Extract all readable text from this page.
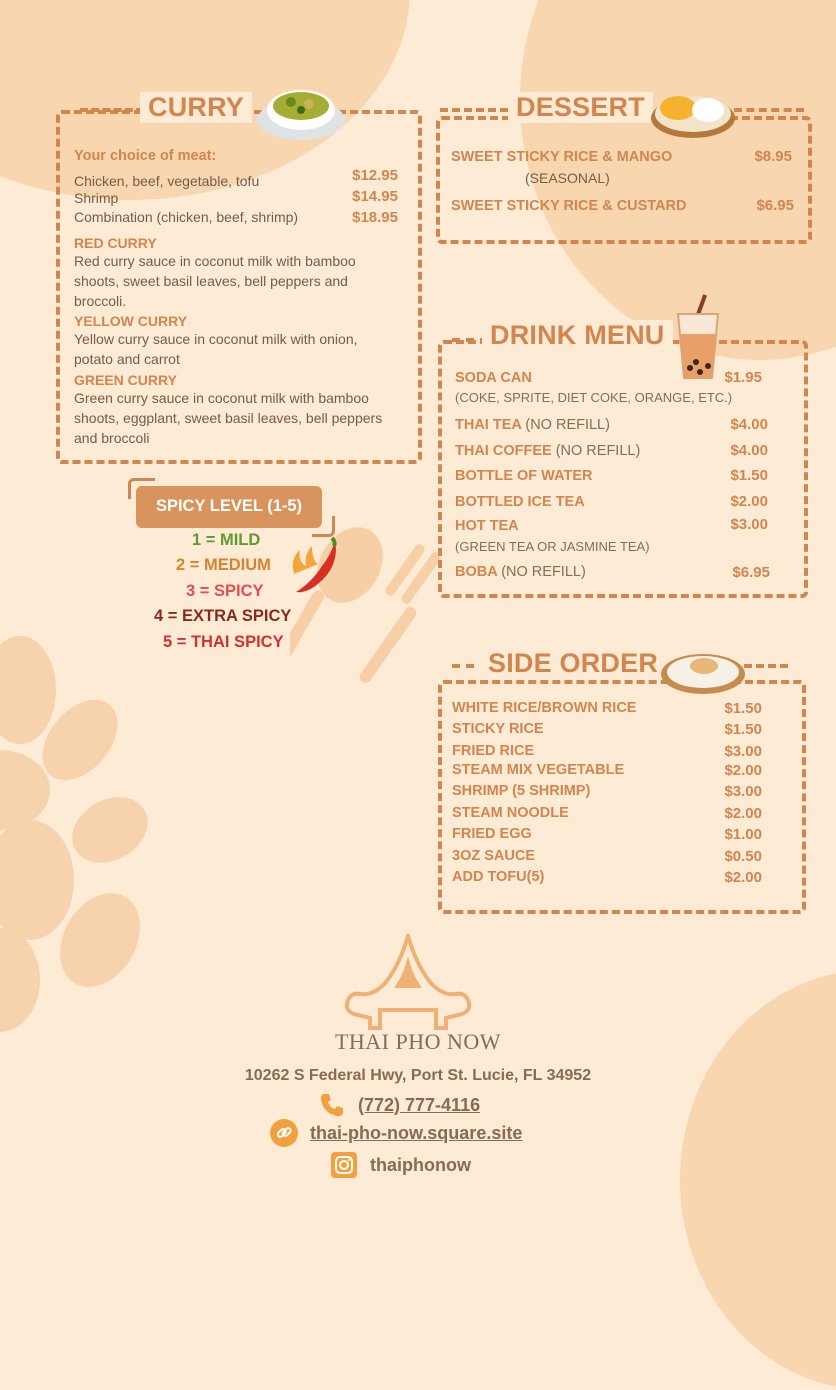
CURRY
Your choice of meat:
Chicken, beef, vegetable, tofu	$12.95
Shrimp	$14.95
Combination (chicken, beef, shrimp)	$18.95
RED CURRY
Red curry sauce in coconut milk with bamboo shoots, sweet basil leaves, bell peppers and broccoli.
YELLOW CURRY
Yellow curry sauce in coconut milk with onion, potato and carrot
GREEN CURRY
Green curry sauce in coconut milk with bamboo shoots, eggplant, sweet basil leaves, bell peppers and broccoli
SPICY LEVEL (1-5)
1 = MILD
2 = MEDIUM
3 = SPICY
4 = EXTRA SPICY
5 = THAI SPICY
DESSERT
SWEET STICKY RICE & MANGO	$8.95
(SEASONAL)
SWEET STICKY RICE & CUSTARD	$6.95
DRINK MENU
SODA CAN	$1.95
(COKE, SPRITE, DIET COKE, ORANGE, ETC.)
THAI TEA (NO REFILL)	$4.00
THAI COFFEE (NO REFILL)	$4.00
BOTTLE OF WATER	$1.50
BOTTLED ICE TEA	$2.00
HOT TEA	$3.00
(GREEN TEA OR JASMINE TEA)
BOBA (NO REFILL)	$6.95
SIDE ORDER
WHITE RICE/BROWN RICE	$1.50
STICKY RICE	$1.50
FRIED RICE	$3.00
STEAM MIX VEGETABLE	$2.00
SHRIMP (5 SHRIMP)	$3.00
STEAM NOODLE	$2.00
FRIED EGG	$1.00
3OZ SAUCE	$0.50
ADD TOFU(5)	$2.00
THAI PHO NOW
10262 S Federal Hwy, Port St. Lucie, FL 34952
(772) 777-4116
thai-pho-now.square.site
thaiphonow
